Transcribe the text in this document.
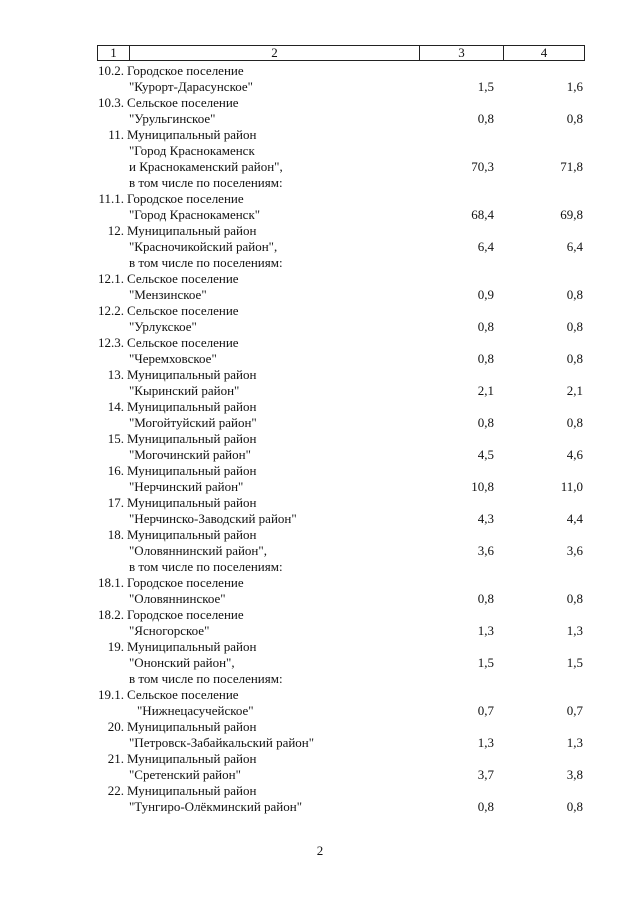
1	2	3	4
10.2. Городское поселение
"Курорт-Дарасунское"	1,5	1,6
10.3. Сельское поселение
"Урульгинское"	0,8	0,8
11. Муниципальный район
"Город Краснокаменск
и Краснокаменский район",	70,3	71,8
в том числе по поселениям:
11.1. Городское поселение
"Город Краснокаменск"	68,4	69,8
12. Муниципальный район
"Красночикойский район",	6,4	6,4
в том числе по поселениям:
12.1. Сельское поселение
"Мензинское"	0,9	0,8
12.2. Сельское поселение
"Урлукское"	0,8	0,8
12.3. Сельское поселение
"Черемховское"	0,8	0,8
13. Муниципальный район
"Кыринский район"	2,1	2,1
14. Муниципальный район
"Могойтуйский район"	0,8	0,8
15. Муниципальный район
"Могочинский район"	4,5	4,6
16. Муниципальный район
"Нерчинский район"	10,8	11,0
17. Муниципальный район
"Нерчинско-Заводский район"	4,3	4,4
18. Муниципальный район
"Оловяннинский район",	3,6	3,6
в том числе по поселениям:
18.1. Городское поселение
"Оловяннинское"	0,8	0,8
18.2. Городское поселение
"Ясногорское"	1,3	1,3
19. Муниципальный район
"Ононский район",	1,5	1,5
в том числе по поселениям:
19.1. Сельское поселение
"Нижнецасучейское"	0,7	0,7
20. Муниципальный район
"Петровск-Забайкальский район"	1,3	1,3
21. Муниципальный район
"Сретенский район"	3,7	3,8
22. Муниципальный район
"Тунгиро-Олёкминский район"	0,8	0,8
2
